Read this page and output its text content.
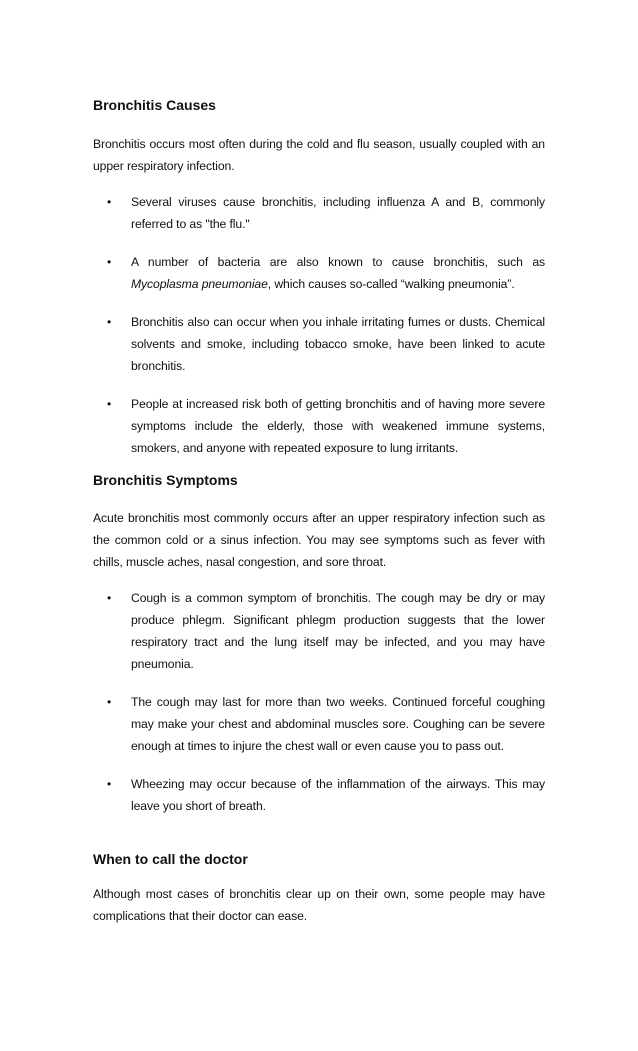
Bronchitis Causes

Bronchitis occurs most often during the cold and flu season, usually coupled with an upper respiratory infection.

• Several viruses cause bronchitis, including influenza A and B, commonly referred to as "the flu."
• A number of bacteria are also known to cause bronchitis, such as Mycoplasma pneumoniae, which causes so-called “walking pneumonia”.
• Bronchitis also can occur when you inhale irritating fumes or dusts. Chemical solvents and smoke, including tobacco smoke, have been linked to acute bronchitis.
• People at increased risk both of getting bronchitis and of having more severe symptoms include the elderly, those with weakened immune systems, smokers, and anyone with repeated exposure to lung irritants.
Bronchitis Symptoms

Acute bronchitis most commonly occurs after an upper respiratory infection such as the common cold or a sinus infection. You may see symptoms such as fever with chills, muscle aches, nasal congestion, and sore throat.

• Cough is a common symptom of bronchitis. The cough may be dry or may produce phlegm. Significant phlegm production suggests that the lower respiratory tract and the lung itself may be infected, and you may have pneumonia.
• The cough may last for more than two weeks. Continued forceful coughing may make your chest and abdominal muscles sore. Coughing can be severe enough at times to injure the chest wall or even cause you to pass out.
• Wheezing may occur because of the inflammation of the airways. This may leave you short of breath.
When to call the doctor

Although most cases of bronchitis clear up on their own, some people may have complications that their doctor can ease.
